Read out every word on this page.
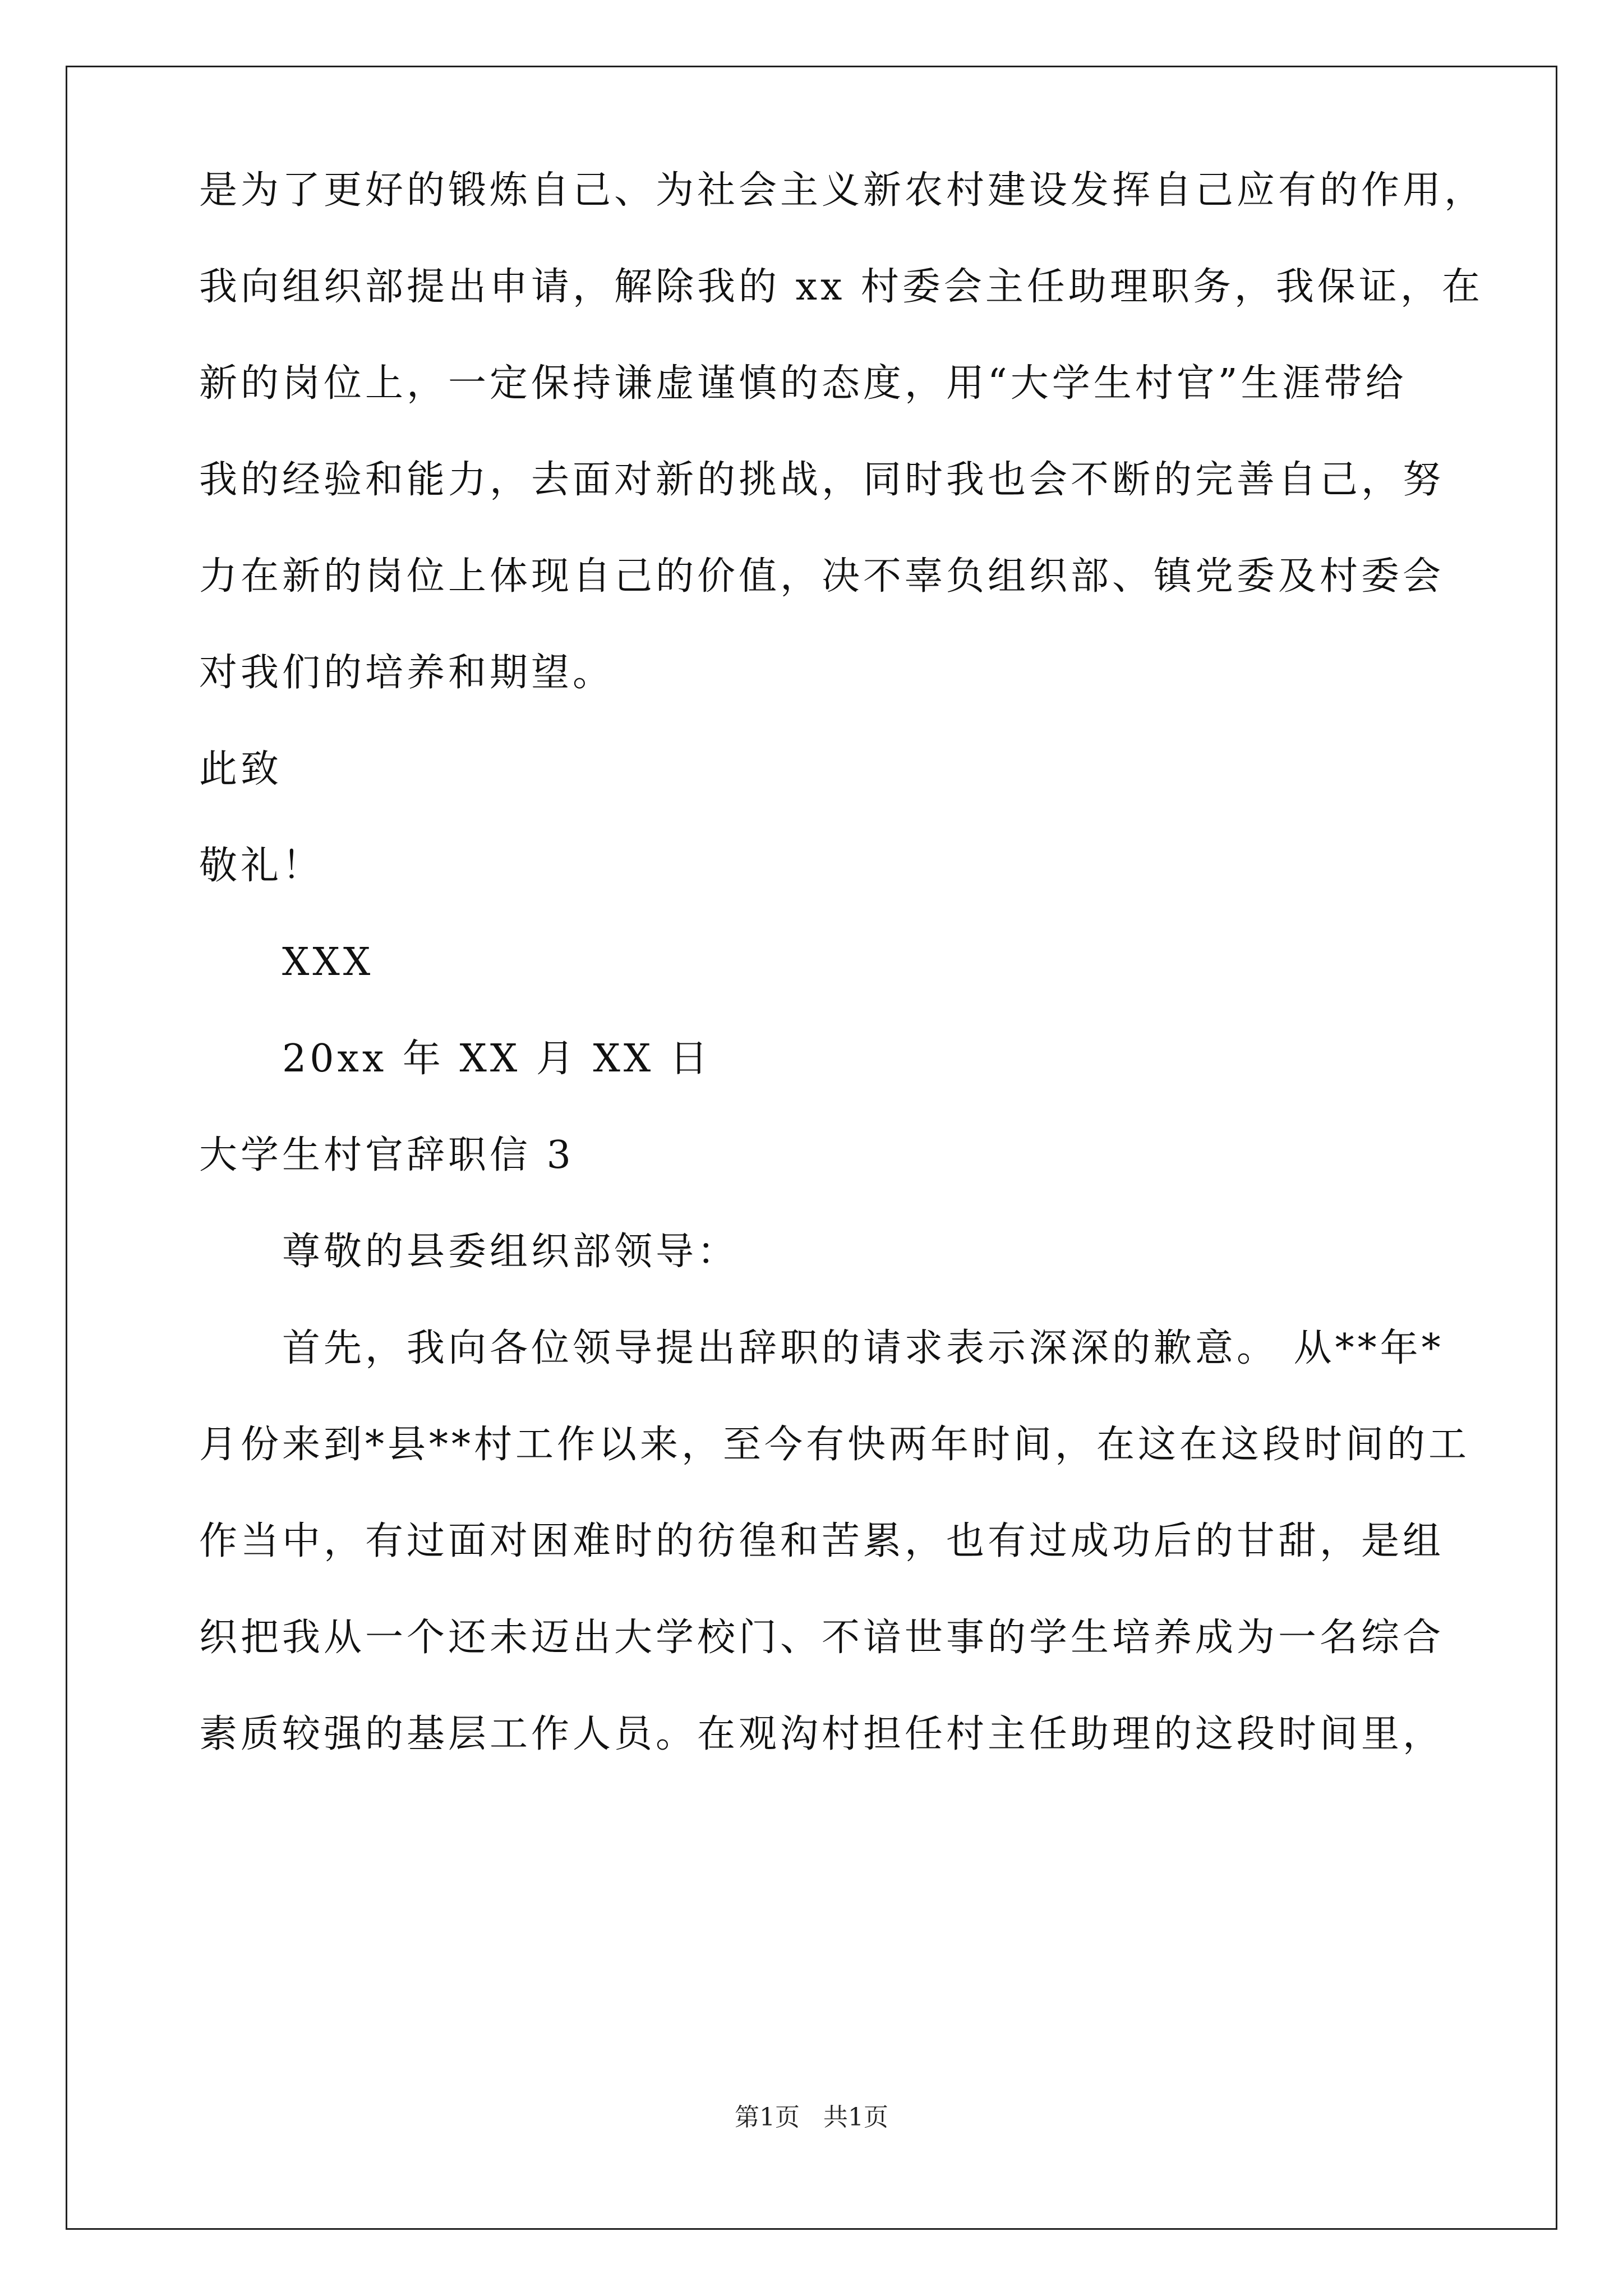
是为了更好的锻炼自己、为社会主义新农村建设发挥自己应有的作用，
我向组织部提出申请，解除我的 xx 村委会主任助理职务，我保证，在
新的岗位上，一定保持谦虚谨慎的态度，用“大学生村官”生涯带给
我的经验和能力，去面对新的挑战，同时我也会不断的完善自己，努
力在新的岗位上体现自己的价值，决不辜负组织部、镇党委及村委会
对我们的培养和期望。
此致
敬礼！
XXX
20xx 年 XX 月 XX 日
大学生村官辞职信 3
尊敬的县委组织部领导：
首先，我向各位领导提出辞职的请求表示深深的歉意。 从**年*
月份来到*县**村工作以来，至今有快两年时间，在这在这段时间的工
作当中，有过面对困难时的彷徨和苦累，也有过成功后的甘甜，是组
织把我从一个还未迈出大学校门、不谙世事的学生培养成为一名综合
素质较强的基层工作人员。在观沟村担任村主任助理的这段时间里，
第1页   共1页
